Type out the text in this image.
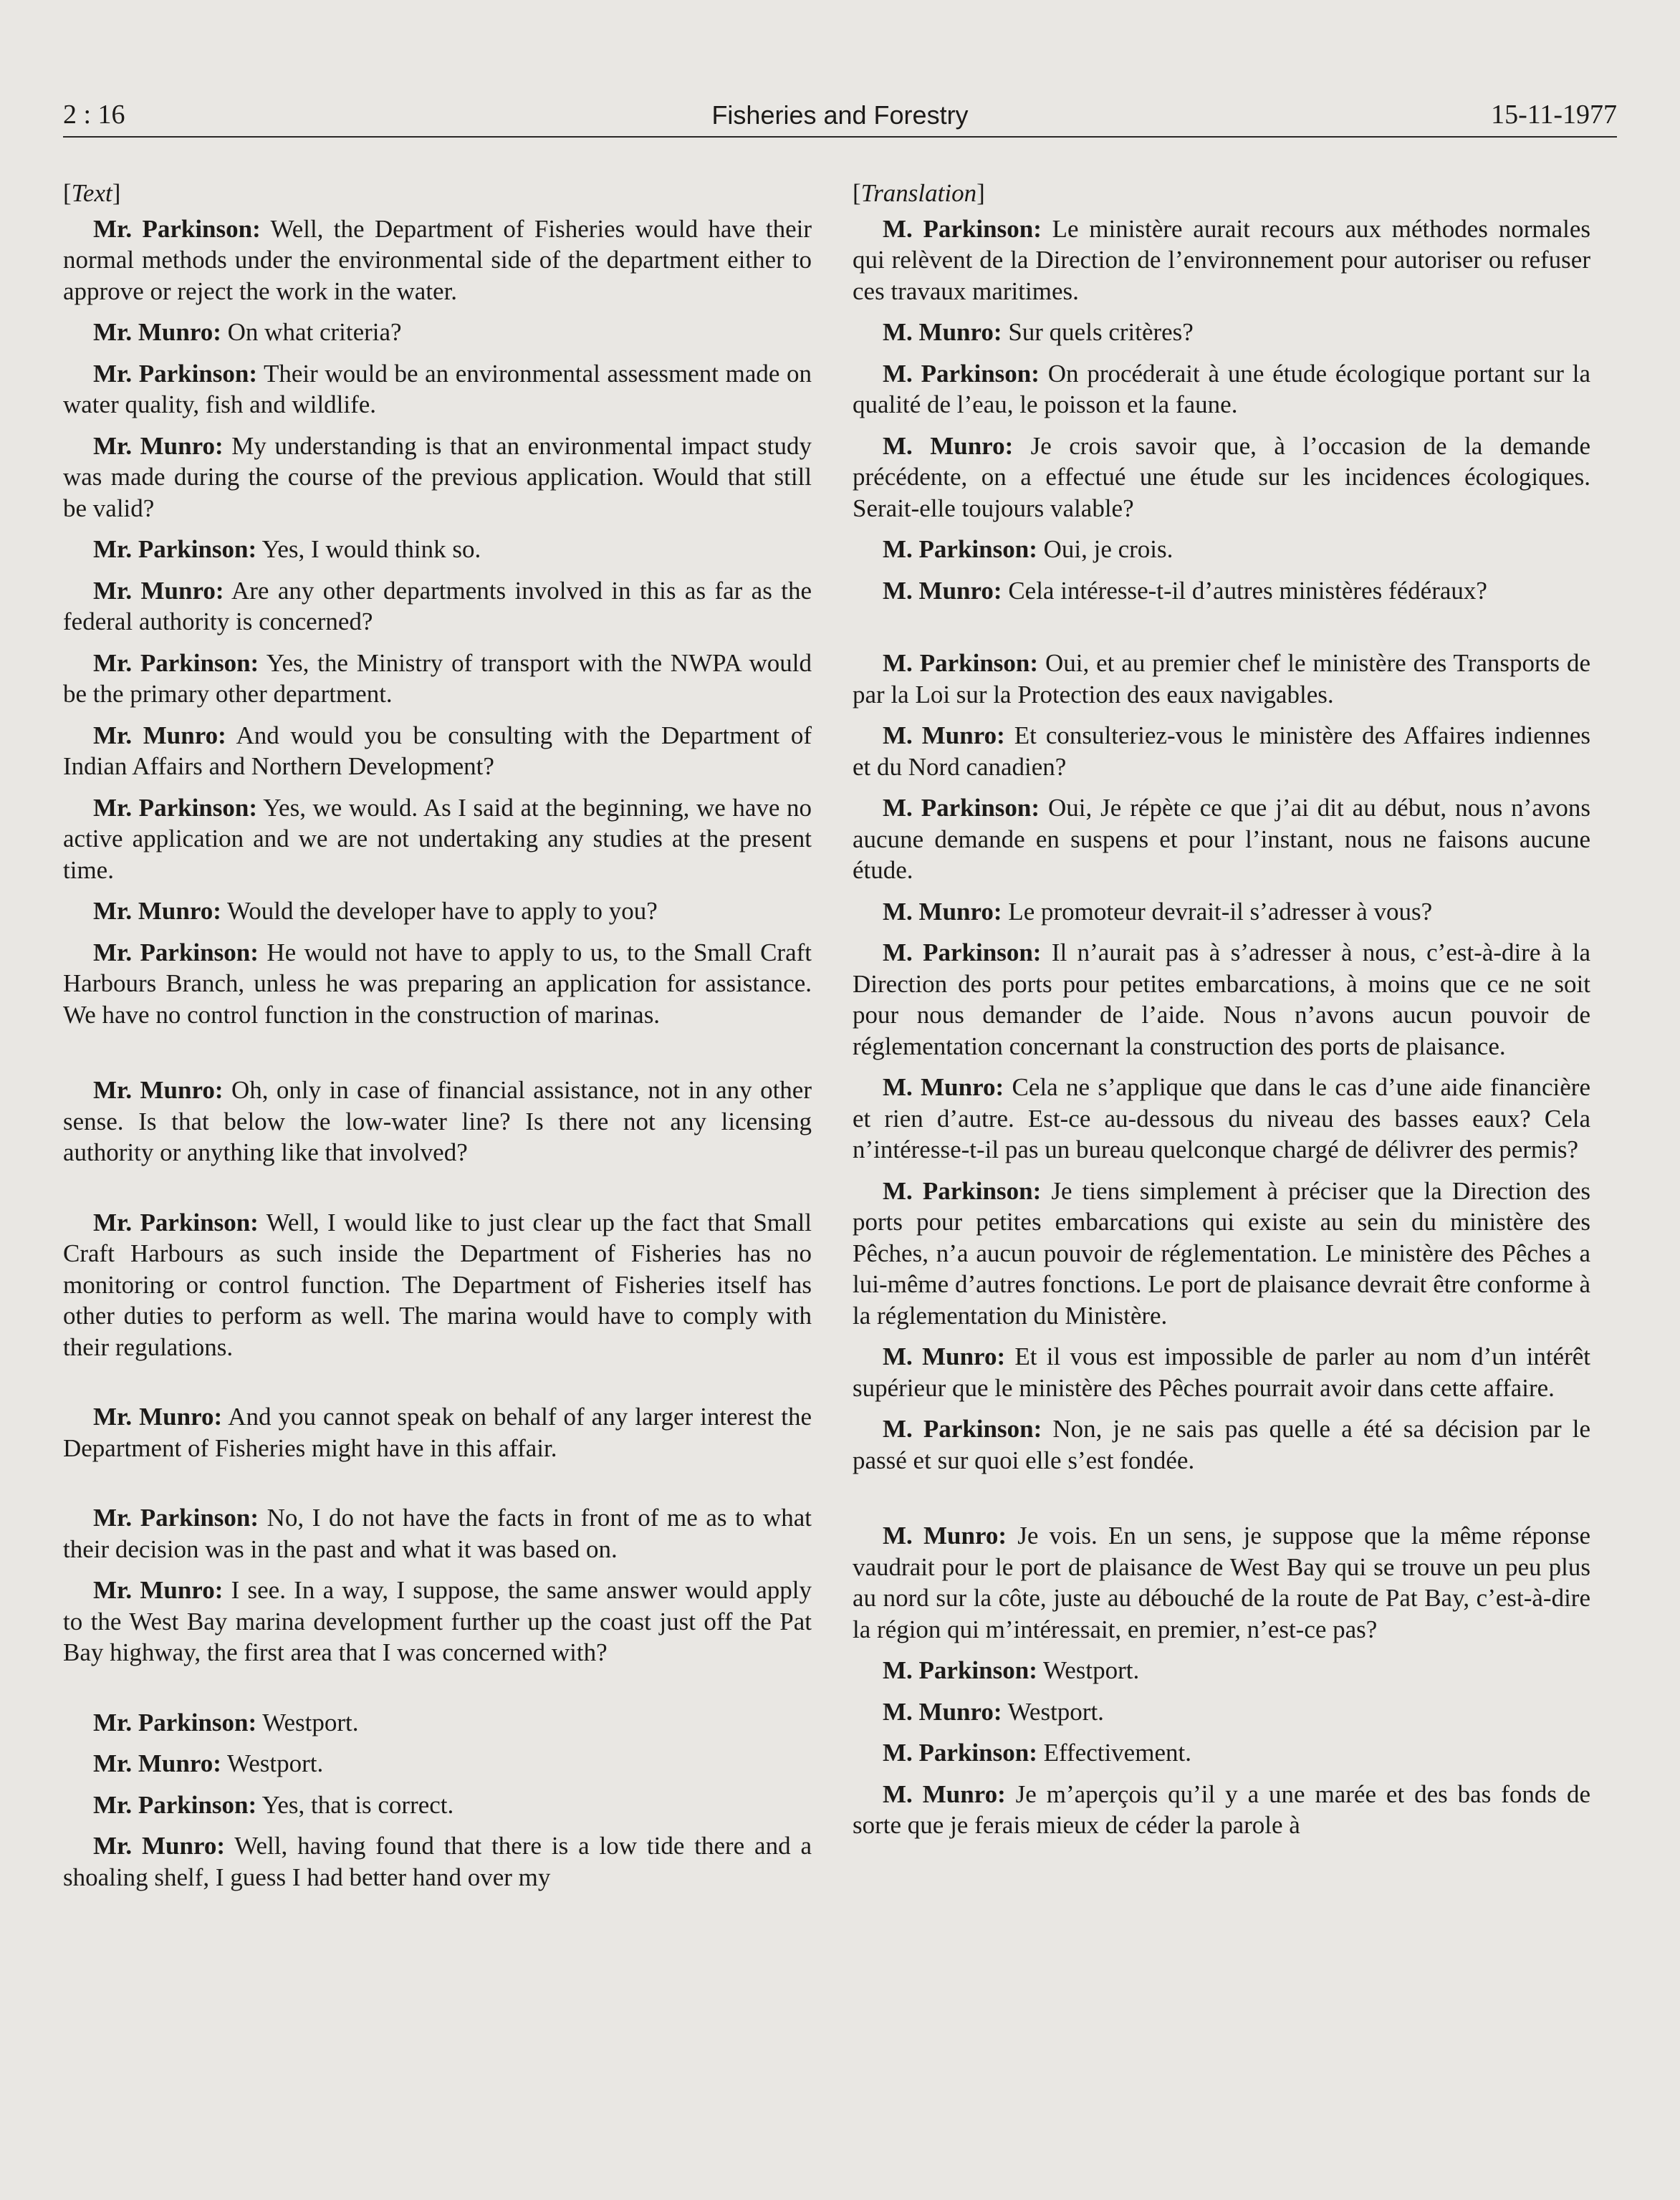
2 : 16	Fisheries and Forestry	15-11-1977
[Text]

Mr. Parkinson: Well, the Department of Fisheries would have their normal methods under the environmental side of the department either to approve or reject the work in the water.

Mr. Munro: On what criteria?

Mr. Parkinson: Their would be an environmental assessment made on water quality, fish and wildlife.

Mr. Munro: My understanding is that an environmental impact study was made during the course of the previous application. Would that still be valid?

Mr. Parkinson: Yes, I would think so.

Mr. Munro: Are any other departments involved in this as far as the federal authority is concerned?

Mr. Parkinson: Yes, the Ministry of transport with the NWPA would be the primary other department.

Mr. Munro: And would you be consulting with the Department of Indian Affairs and Northern Development?

Mr. Parkinson: Yes, we would. As I said at the beginning, we have no active application and we are not undertaking any studies at the present time.

Mr. Munro: Would the developer have to apply to you?

Mr. Parkinson: He would not have to apply to us, to the Small Craft Harbours Branch, unless he was preparing an application for assistance. We have no control function in the construction of marinas.

Mr. Munro: Oh, only in case of financial assistance, not in any other sense. Is that below the low-water line? Is there not any licensing authority or anything like that involved?

Mr. Parkinson: Well, I would like to just clear up the fact that Small Craft Harbours as such inside the Department of Fisheries has no monitoring or control function. The Department of Fisheries itself has other duties to perform as well. The marina would have to comply with their regulations.

Mr. Munro: And you cannot speak on behalf of any larger interest the Department of Fisheries might have in this affair.

Mr. Parkinson: No, I do not have the facts in front of me as to what their decision was in the past and what it was based on.

Mr. Munro: I see. In a way, I suppose, the same answer would apply to the West Bay marina development further up the coast just off the Pat Bay highway, the first area that I was concerned with?

Mr. Parkinson: Westport.

Mr. Munro: Westport.

Mr. Parkinson: Yes, that is correct.

Mr. Munro: Well, having found that there is a low tide there and a shoaling shelf, I guess I had better hand over my

[Translation]

M. Parkinson: Le ministère aurait recours aux méthodes normales qui relèvent de la Direction de l’environnement pour autoriser ou refuser ces travaux maritimes.

M. Munro: Sur quels critères?

M. Parkinson: On procéderait à une étude écologique portant sur la qualité de l’eau, le poisson et la faune.

M. Munro: Je crois savoir que, à l’occasion de la demande précédente, on a effectué une étude sur les incidences écologiques. Serait-elle toujours valable?

M. Parkinson: Oui, je crois.

M. Munro: Cela intéresse-t-il d’autres ministères fédéraux?

M. Parkinson: Oui, et au premier chef le ministère des Transports de par la Loi sur la Protection des eaux navigables.

M. Munro: Et consulteriez-vous le ministère des Affaires indiennes et du Nord canadien?

M. Parkinson: Oui, Je répète ce que j’ai dit au début, nous n’avons aucune demande en suspens et pour l’instant, nous ne faisons aucune étude.

M. Munro: Le promoteur devrait-il s’adresser à vous?

M. Parkinson: Il n’aurait pas à s’adresser à nous, c’est-à-dire à la Direction des ports pour petites embarcations, à moins que ce ne soit pour nous demander de l’aide. Nous n’avons aucun pouvoir de réglementation concernant la construction des ports de plaisance.

M. Munro: Cela ne s’applique que dans le cas d’une aide financière et rien d’autre. Est-ce au-dessous du niveau des basses eaux? Cela n’intéresse-t-il pas un bureau quelconque chargé de délivrer des permis?

M. Parkinson: Je tiens simplement à préciser que la Direction des ports pour petites embarcations qui existe au sein du ministère des Pêches, n’a aucun pouvoir de réglementation. Le ministère des Pêches a lui-même d’autres fonctions. Le port de plaisance devrait être conforme à la réglementation du Ministère.

M. Munro: Et il vous est impossible de parler au nom d’un intérêt supérieur que le ministère des Pêches pourrait avoir dans cette affaire.

M. Parkinson: Non, je ne sais pas quelle a été sa décision par le passé et sur quoi elle s’est fondée.

M. Munro: Je vois. En un sens, je suppose que la même réponse vaudrait pour le port de plaisance de West Bay qui se trouve un peu plus au nord sur la côte, juste au débouché de la route de Pat Bay, c’est-à-dire la région qui m’intéressait, en premier, n’est-ce pas?

M. Parkinson: Westport.

M. Munro: Westport.

M. Parkinson: Effectivement.

M. Munro: Je m’aperçois qu’il y a une marée et des bas fonds de sorte que je ferais mieux de céder la parole à
